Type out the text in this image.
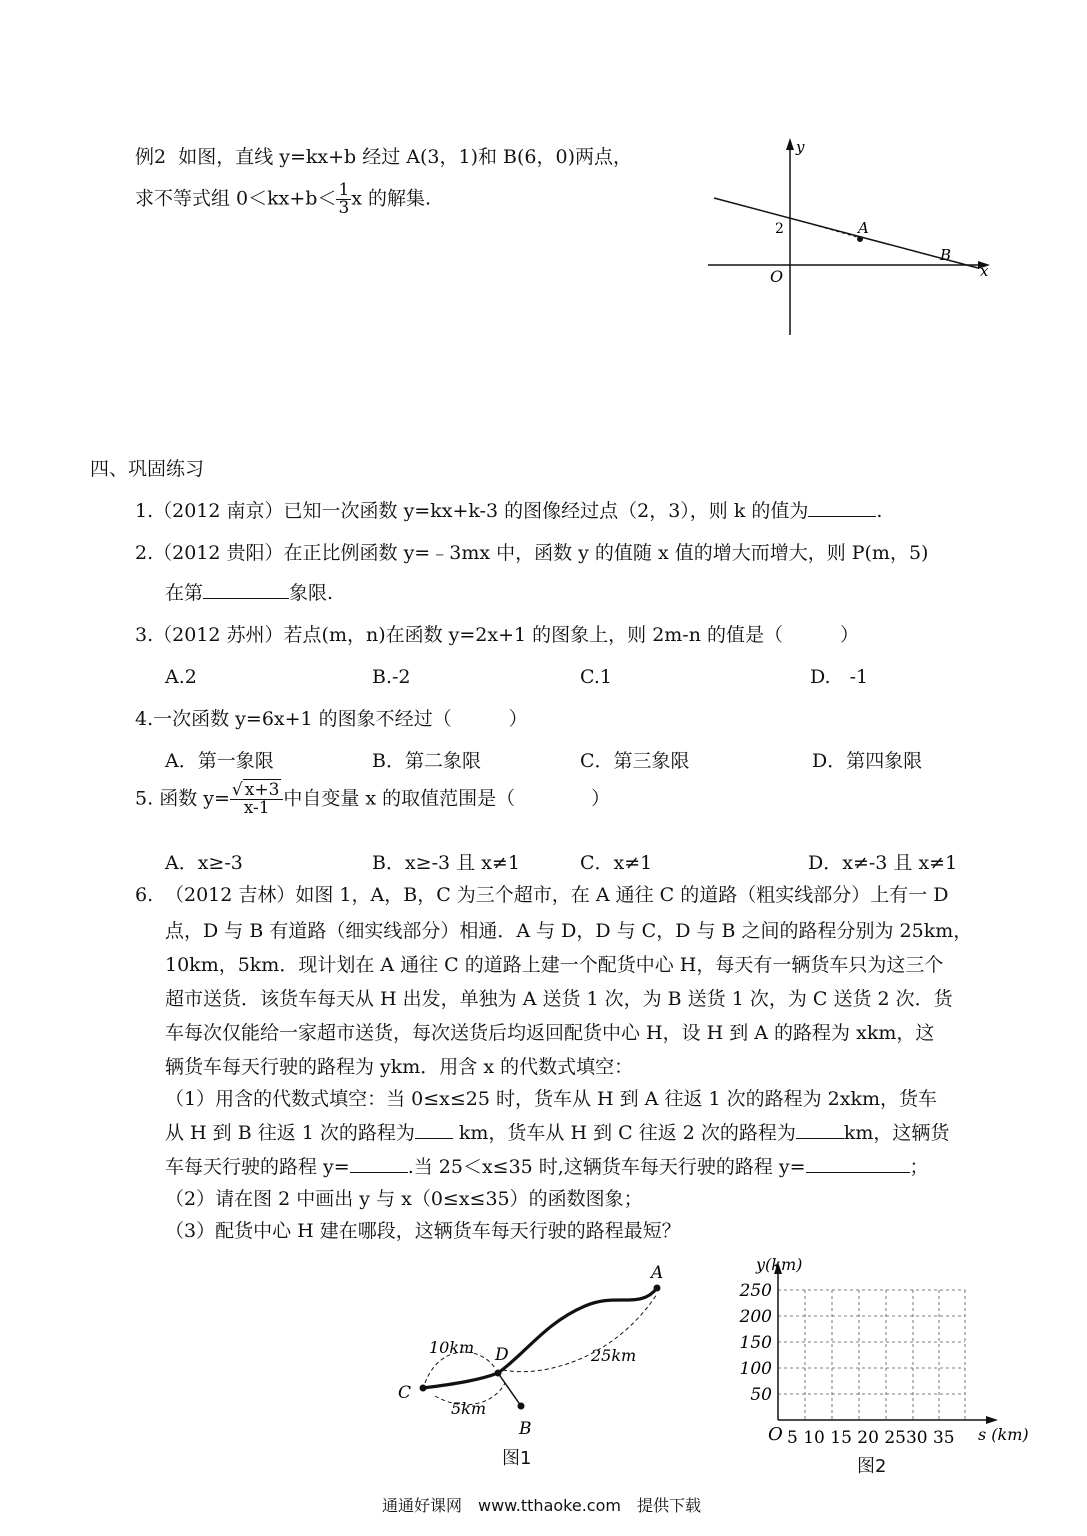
例2 如图，直线 y=kx+b 经过 A(3，1)和 B(6，0)两点，
求不等式组 $0<kx+b< \frac{1}{3}$ x 的解集.
y
x
O
2	A
B
四、巩固练习
1.（2012 南京）已知一次函数 y=kx+k-3 的图像经过点（2，3），则 k 的值为	.
2.（2012 贵阳）在正比例函数 y=﹣3mx 中，函数 y 的值随 x 值的增大而增大，则 P(m，5)
在第	象限.
3.（2012 苏州）若点(m，n)在函数 y=2x+1 的图象上，则 2m-n 的值是（　　　）
A.2	B.-2	C.1	D.　-1
4.一次函数 y=6x+1 的图象不经过（　　　）
A．第一象限	B．第二象限	C．第三象限	D．第四象限
5. 函数 $y= \frac{√ x+3}{x-1}$ 中自变量 x 的取值范围是（　　　　）
A．x≥-3	B．x≥-3 且 x≠1	C．x≠1	D．x≠-3 且 x≠1
6. （2012 吉林）如图 1，A，B，C 为三个超市，在 A 通往 C 的道路（粗实线部分）上有一 D
点，D 与 B 有道路（细实线部分）相通．A 与 D，D 与 C，D 与 B 之间的路程分别为 25km，
10km，5km．现计划在 A 通往 C 的道路上建一个配货中心 H，每天有一辆货车只为这三个
超市送货．该货车每天从 H 出发，单独为 A 送货 1 次，为 B 送货 1 次，为 C 送货 2 次．货
车每次仅能给一家超市送货，每次送货后均返回配货中心 H，设 H 到 A 的路程为 xkm，这
辆货车每天行驶的路程为 ykm．用含 x 的代数式填空：
（1）用含的代数式填空：当 0≤x≤25 时，货车从 H 到 A 往返 1 次的路程为 2xkm，货车
从 H 到 B 往返 1 次的路程为 km，货车从 H 到 C 往返 2 次的路程为	km，这辆货
车每天行驶的路程 y=	.当 25＜x≤35 时,这辆货车每天行驶的路程 y=	；
（2）请在图 2 中画出 y 与 x（0≤x≤35）的函数图象；
（3）配货中心 H 建在哪段，这辆货车每天行驶的路程最短？
A
B
C
D
10km
5km
25km
图1
y(km)
250
200
150
100
50
O 5 10 15 20 2530 35 s (km)
图2
通通好课网　www.tthaoke.com　提供下载
